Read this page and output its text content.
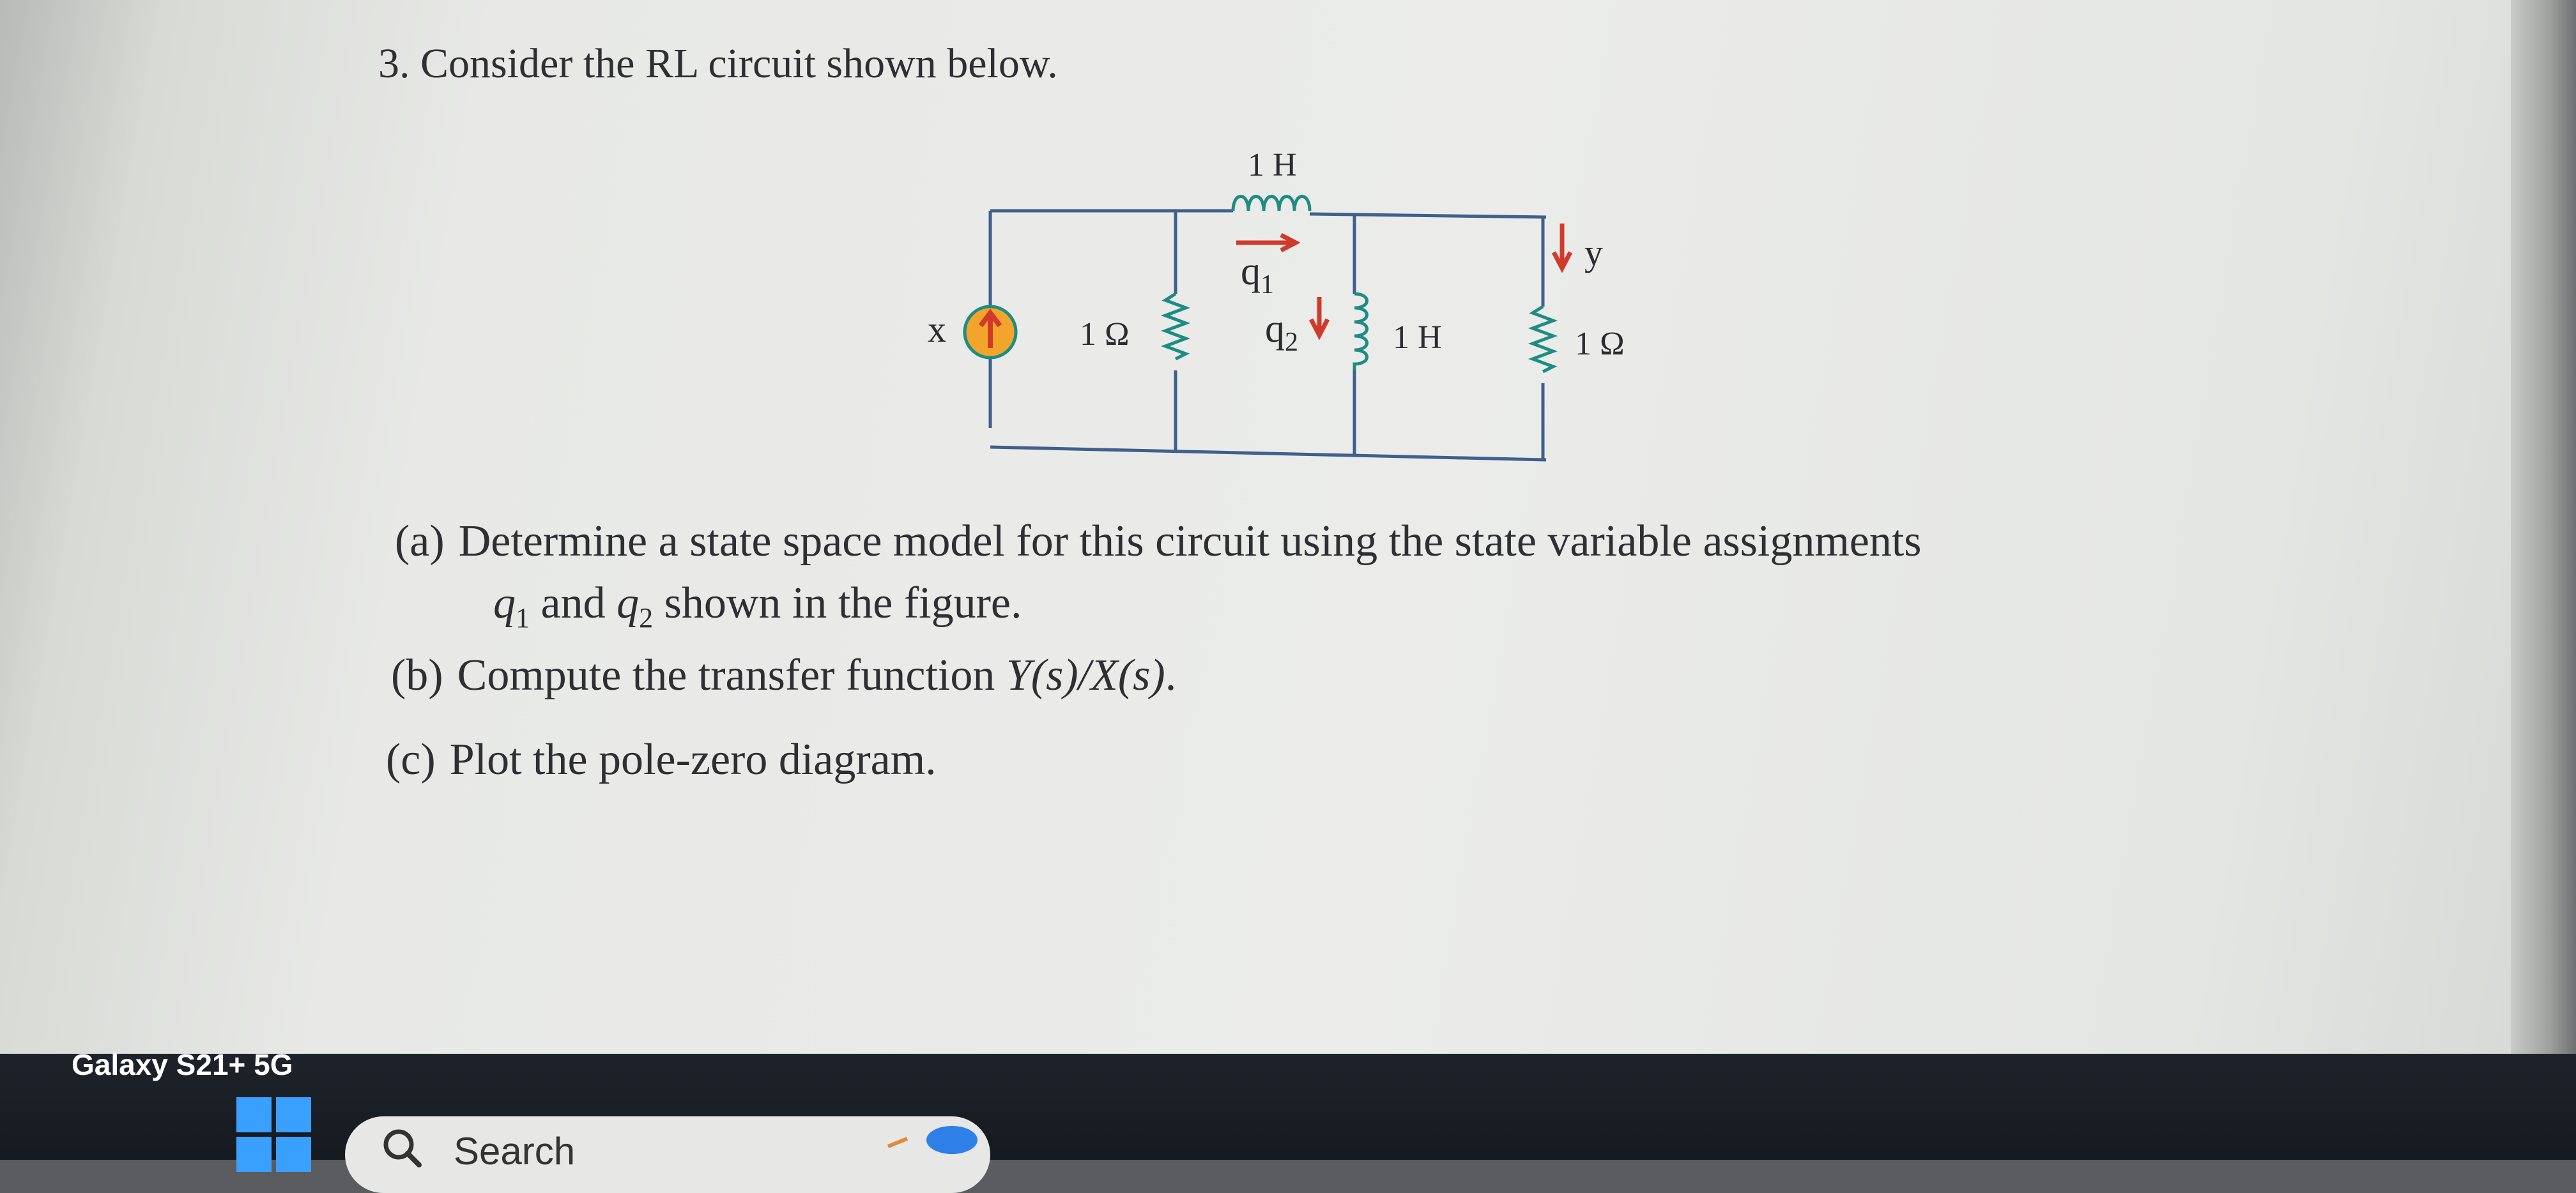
3. Consider the RL circuit shown below.
x
1 H
$q_1$
$q_2$
1 Ω	1 H	1 Ω
y
(a) Determine a state space model for this circuit using the state variable assignments
$q_1$ and $q_2$ shown in the figure.
(b) Compute the transfer function Y(s)/X(s).
(c) Plot the pole-zero diagram.
Galaxy S21+ 5G
Search
